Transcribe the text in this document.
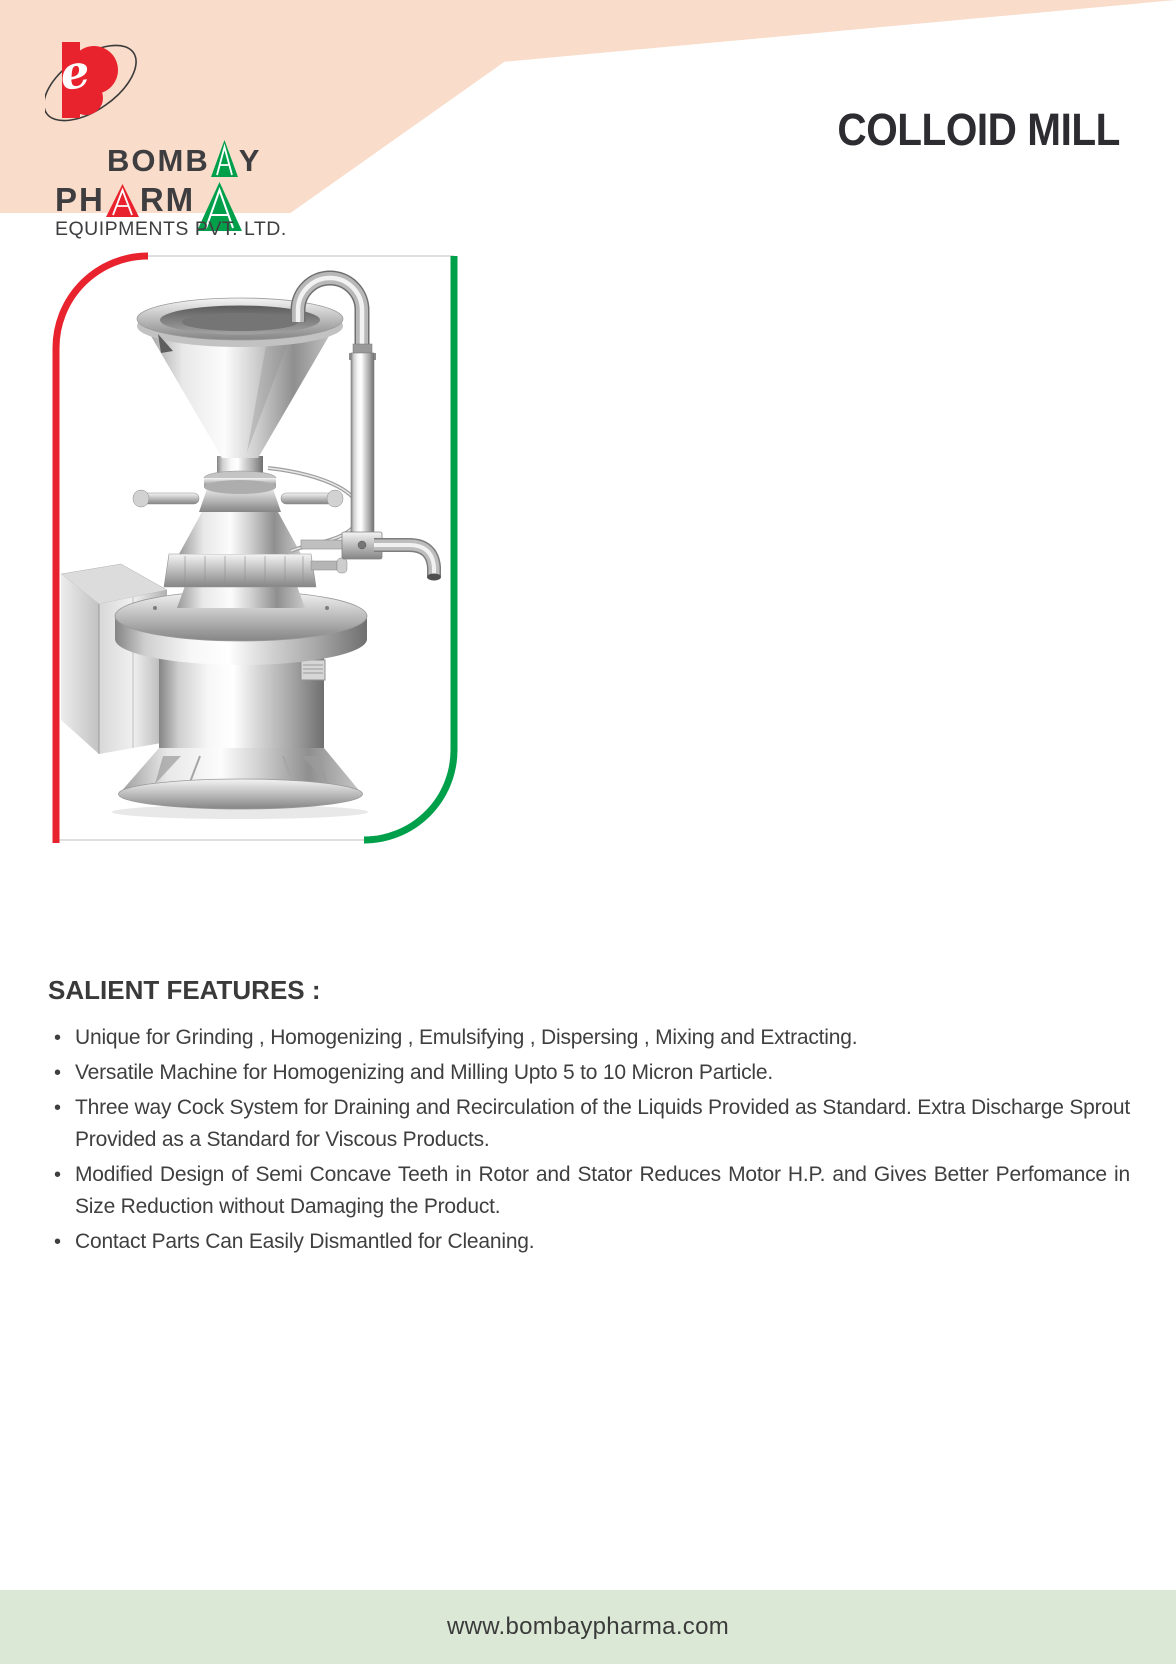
e
BOMB Y
PH RM
EQUIPMENTS PVT. LTD.
COLLOID MILL
SALIENT FEATURES :
• Unique for Grinding , Homogenizing , Emulsifying , Dispersing , Mixing and Extracting.
• Versatile Machine for Homogenizing and Milling Upto 5 to 10 Micron Particle.
• Three way Cock System for Draining and Recirculation of the Liquids Provided as Standard. Extra Discharge Sprout Provided as a Standard for Viscous Products.
• Modified Design of Semi Concave Teeth in Rotor and Stator Reduces Motor H.P. and Gives Better Perfomance in Size Reduction without Damaging the Product.
• Contact Parts Can Easily Dismantled for Cleaning.
www.bombaypharma.com
